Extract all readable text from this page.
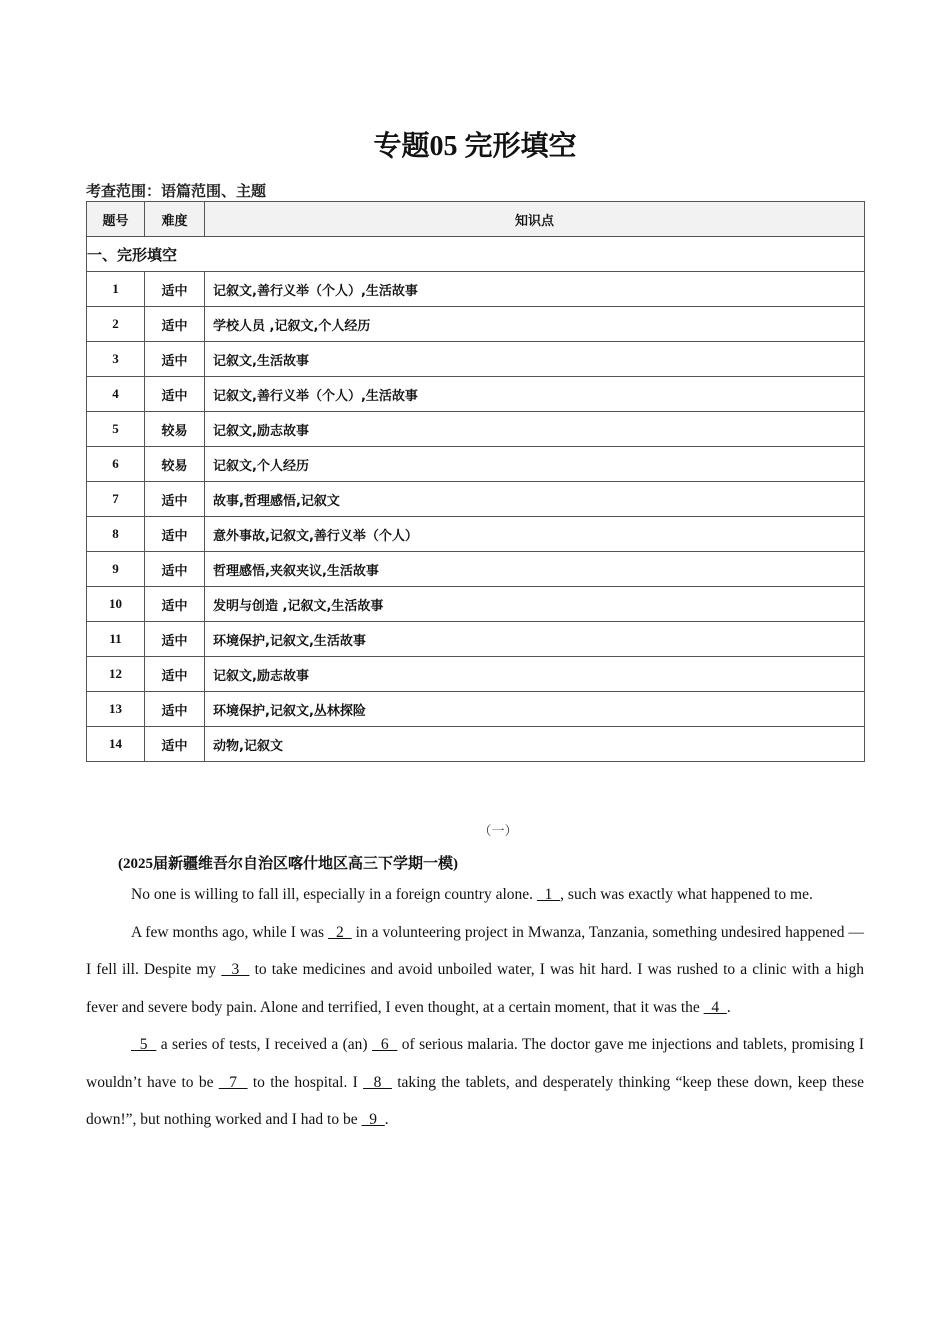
专题05 完形填空
考查范围：语篇范围、主题
题号	难度	知识点
一、完形填空		
1	适中	记叙文,善行义举（个人）,生活故事
2	适中	学校人员 ,记叙文,个人经历
3	适中	记叙文,生活故事
4	适中	记叙文,善行义举（个人）,生活故事
5	较易	记叙文,励志故事
6	较易	记叙文,个人经历
7	适中	故事,哲理感悟,记叙文
8	适中	意外事故,记叙文,善行义举（个人）
9	适中	哲理感悟,夹叙夹议,生活故事
10	适中	发明与创造 ,记叙文,生活故事
11	适中	环境保护,记叙文,生活故事
12	适中	记叙文,励志故事
13	适中	环境保护,记叙文,丛林探险
14	适中	动物,记叙文
（一）
(2025届新疆维吾尔自治区喀什地区高三下学期一模)

No one is willing to fall ill, especially in a foreign country alone.   1  , such was exactly what happened to me.

A few months ago, while I was   2   in a volunteering project in Mwanza, Tanzania, something undesired happened — I fell ill. Despite my   3   to take medicines and avoid unboiled water, I was hit hard. I was rushed to a clinic with a high fever and severe body pain. Alone and terrified, I even thought, at a certain moment, that it was the   4  .

5   a series of tests, I received a (an)   6   of serious malaria. The doctor gave me injections and tablets, promising I wouldn’t have to be   7   to the hospital. I   8   taking the tablets, and desperately thinking “keep these down, keep these down!”, but nothing worked and I had to be   9  .
